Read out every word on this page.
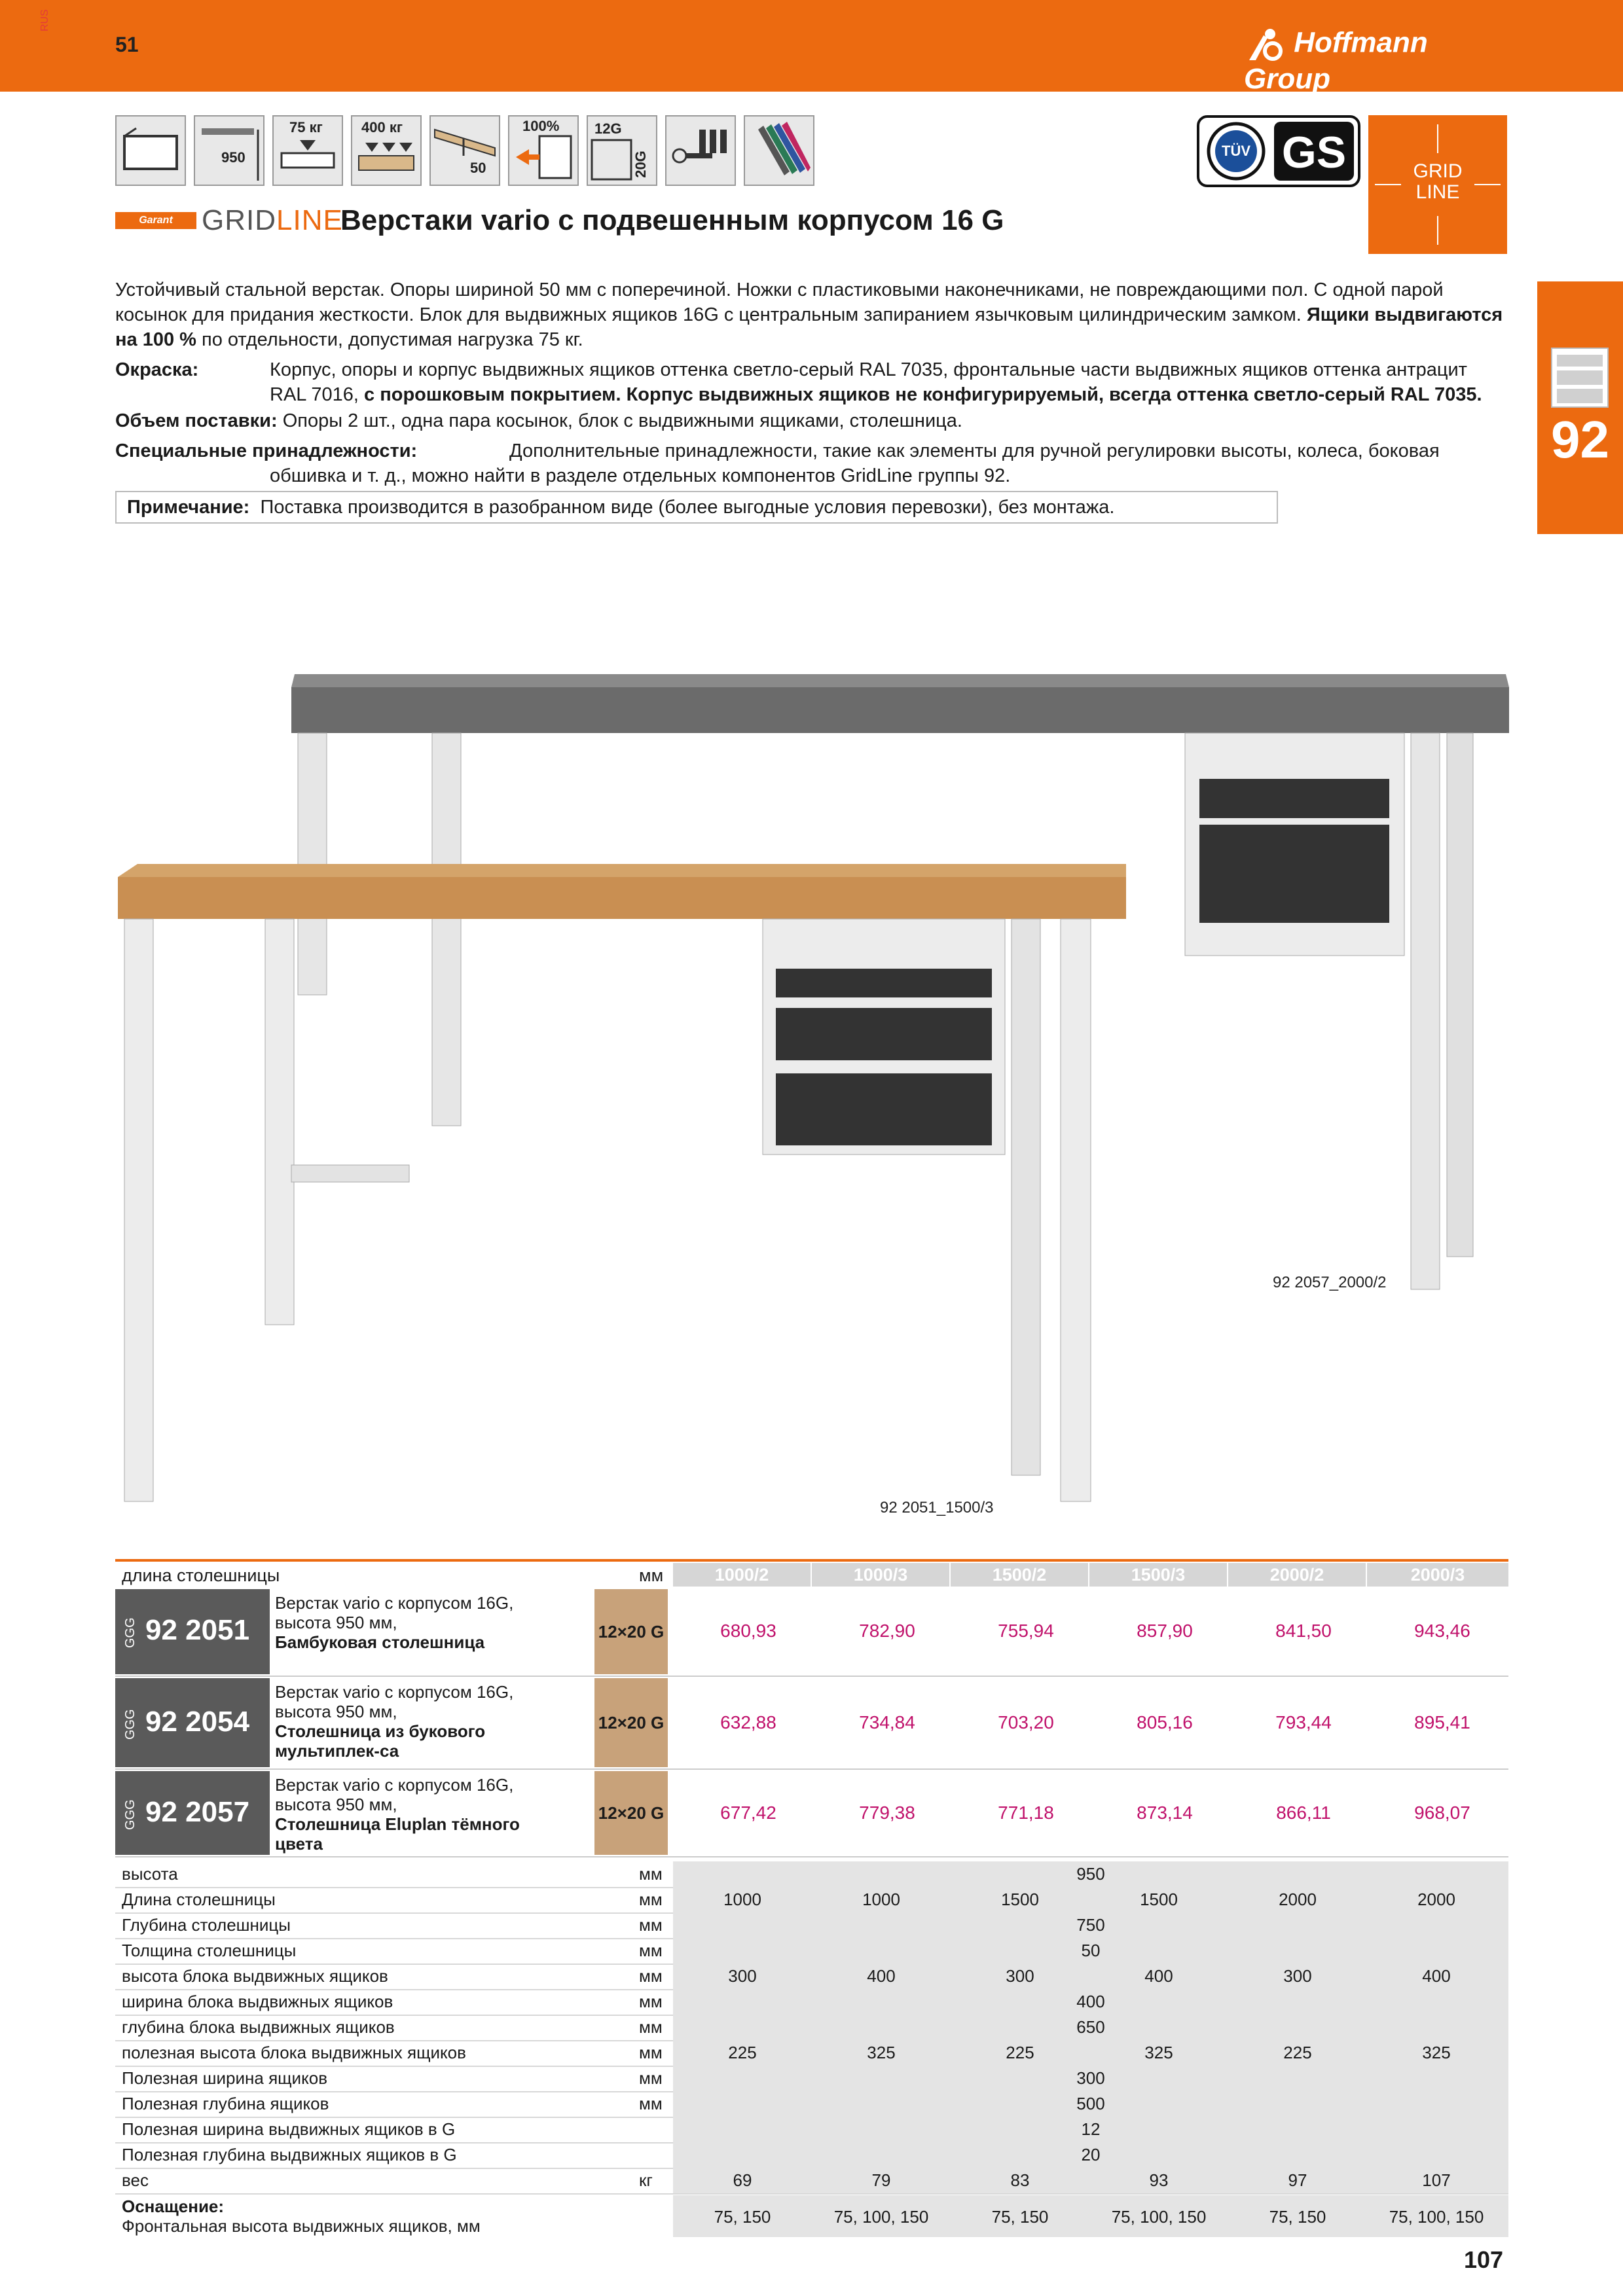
RUS
51	Hoffmann Group
950
75 кг	400 кг
50
100% 12G
20G	TÜV GS	GRID
LINE
Garant	GRIDLINE
Верстаки vario с подвешенным корпусом 16 G
Устойчивый стальной верстак. Опоры шириной 50 мм с поперечиной. Ножки с пластиковыми наконечниками, не повреждающими пол. С одной парой косынок для придания жесткости. Блок для выдвижных ящиков 16G с центральным запиранием язычковым цилиндрическим замком. Ящики выдвигаются на 100 % по отдельности, допустимая нагрузка 75 кг.
Окраска:	Корпус, опоры и корпус выдвижных ящиков оттенка светло-серый RAL 7035, фронтальные части выдвижных ящиков оттенка антрацит RAL 7016, с порошковым покрытием. Корпус выдвижных ящиков не конфигурируемый, всегда оттенка светло-серый RAL 7035.
Объем поставки: Опоры 2 шт., одна пара косынок, блок с выдвижными ящиками, столешница.
Специальные принадлежности:	Дополнительные принадлежности, такие как элементы для ручной регулировки высоты, колеса, боковая обшивка и т. д., можно найти в разделе отдельных компонентов GridLine группы 92.
Примечание: Поставка производится в разобранном виде (более выгодные условия перевозки), без монтажа.
92
92 2057_2000/2
92 2051_1500/3
длина столешницы	мм	1000/2	1000/3	1500/2	1500/3	2000/2	2000/3
GGG 92 2051
Верстак vario с корпусом 16G, высота 950 мм,
Бамбуковая столешница
12×20 G	680,93	782,90	755,94	857,90	841,50	943,46
GGG 92 2054
Верстак vario с корпусом 16G, высота 950 мм,
Столешница из букового мультиплек-са
12×20 G	632,88	734,84	703,20	805,16	793,44	895,41
GGG 92 2057
Верстак vario с корпусом 16G, высота 950 мм,
Столешница Eluplan тёмного цвета
12×20 G	677,42	779,38	771,18	873,14	866,11	968,07
высота	мм	950
Длина столешницы	мм	1000	1000	1500	1500	2000	2000
Глубина столешницы	мм	750
Толщина столешницы	мм	50
высота блока выдвижных ящиков	мм	300	400	300	400	300	400
ширина блока выдвижных ящиков	мм	400
глубина блока выдвижных ящиков	мм	650
полезная высота блока выдвижных ящиков	мм	225	325	225	325	225	325
Полезная ширина ящиков	мм	300
Полезная глубина ящиков	мм	500
Полезная ширина выдвижных ящиков в G	12
Полезная глубина выдвижных ящиков в G	20
вес	кг	69	79	83	93	97	107
Оснащение:
Фронтальная высота выдвижных ящиков, мм	75, 150	75, 100, 150	75, 150	75, 100, 150	75, 150	75, 100, 150
107
